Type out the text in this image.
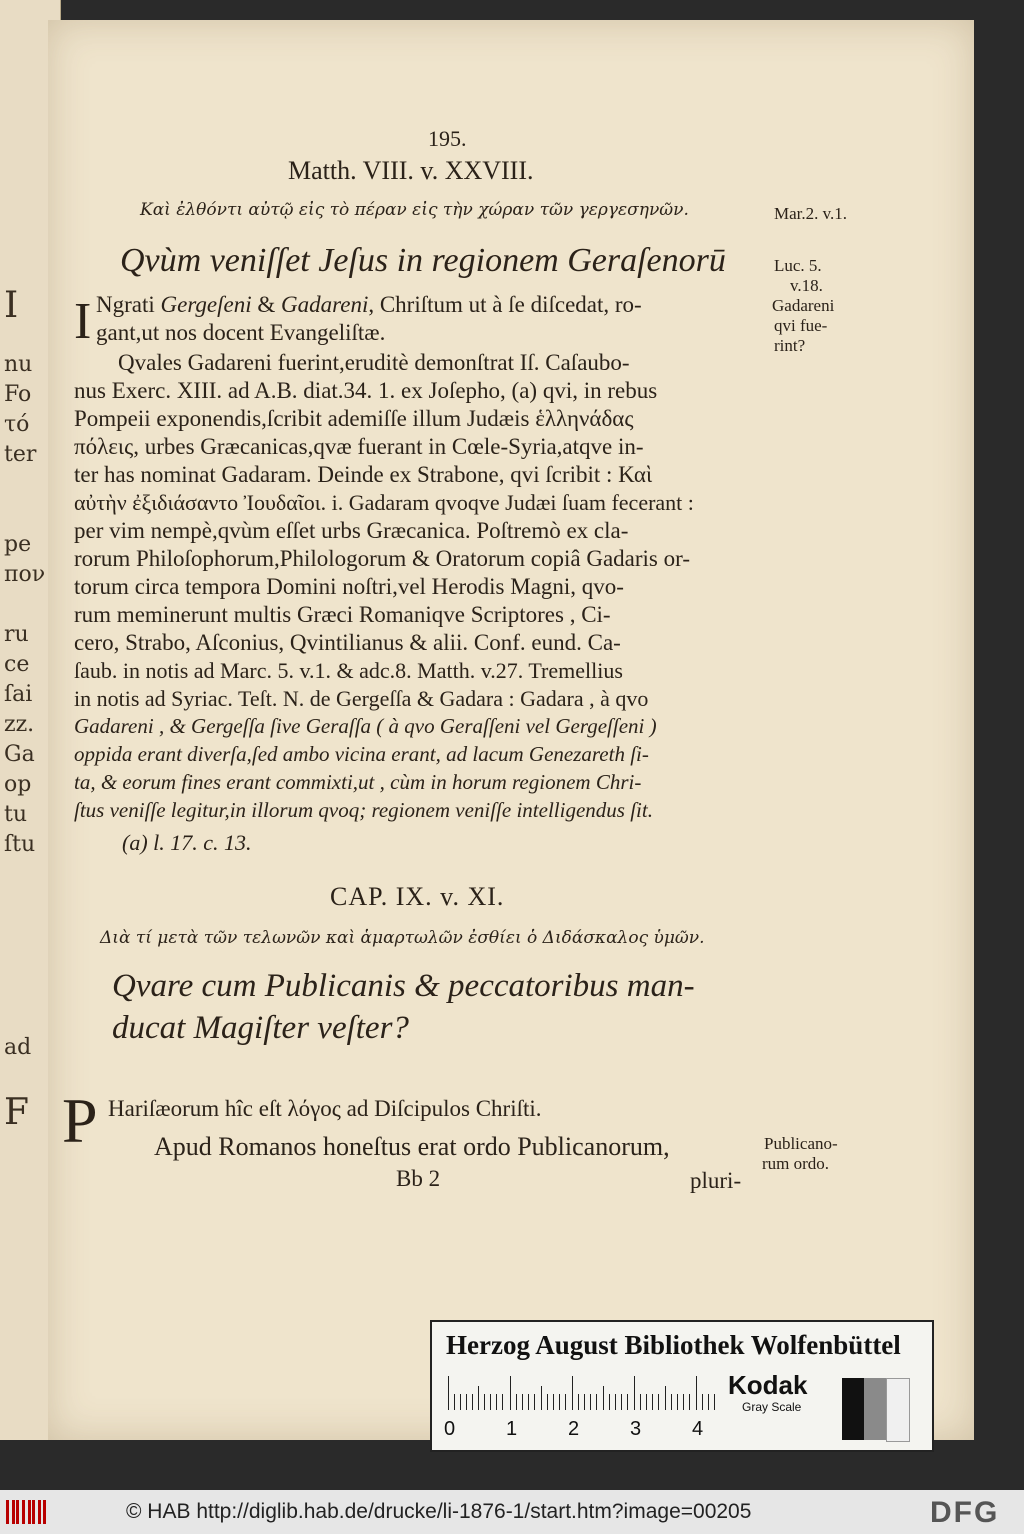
I
nu
Fo
τό
ter
pe
πον
ru
ce
ſai
zz.
Ga
op
tu
ſtu
ad
F
195.
Matth. VIII. v. XXVIII.
Καὶ ἐλθόντι αὐτῷ εἰς τὸ πέραν εἰς τὴν χώραν τῶν γεργεσηνῶν.
Qvùm veniſſet Jeſus in regionem Geraſenorū
I Ngrati Gergeſeni & Gadareni, Chriſtum ut à ſe diſcedat, ro-
gant,ut nos docent Evangeliſtæ.
Qvales Gadareni fuerint,eruditè demonſtrat Iſ. Caſaubo-
nus Exerc. XIII. ad A.B. diat.34. 1. ex Joſepho, (a) qvi, in rebus
Pompeii exponendis,ſcribit ademiſſe illum Judæis ἑλληνάδας
πόλεις, urbes Græcanicas,qvæ fuerant in Cœle-Syria,atqve in-
ter has nominat Gadaram. Deinde ex Strabone, qvi ſcribit : Καὶ
αὐτὴν ἐξιδιάσαντο Ἰουδαῖοι. i. Gadaram qvoqve Judæi ſuam fecerant :
per vim nempè,qvùm eſſet urbs Græcanica. Poſtremò ex cla-
rorum Philoſophorum,Philologorum & Oratorum copiâ Gadaris or-
torum circa tempora Domini noſtri,vel Herodis Magni, qvo-
rum meminerunt multis Græci Romaniqve Scriptores , Ci-
cero, Strabo, Aſconius, Qvintilianus & alii. Conf. eund. Ca-
ſaub. in notis ad Marc. 5. v.1. & adc.8. Matth. v.27. Tremellius
in notis ad Syriac. Teſt. N. de Gergeſſa & Gadara : Gadara , à qvo
Gadareni , & Gergeſſa ſive Geraſſa ( à qvo Geraſſeni vel Gergeſſeni )
oppida erant diverſa,ſed ambo vicina erant, ad lacum Genezareth ſi-
ta, & eorum fines erant commixti,ut , cùm in horum regionem Chri-
ſtus veniſſe legitur,in illorum qvoq; regionem veniſſe intelligendus ſit.
(a) l. 17. c. 13.
CAP. IX. v. XI.
Διὰ τί μετὰ τῶν τελωνῶν καὶ ἁμαρτωλῶν ἐσθίει ὁ Διδάσκαλος ὑμῶν.
Qvare cum Publicanis & peccatoribus man-
ducat Magiſter veſter?
P Hariſæorum hîc eſt λόγος ad Diſcipulos Chriſti.
Apud Romanos honeſtus erat ordo Publicanorum,
Bb 2	pluri-
Mar.2. v.1.
Luc. 5.
v.18.
Gadareni
qvi fue-
rint?
Publicano-
rum ordo.
Herzog August Bibliothek Wolfenbüttel
0	1	2	3	4
Kodak
Gray Scale
© HAB http://diglib.hab.de/drucke/li-1876-1/start.htm?image=00205	DFG
